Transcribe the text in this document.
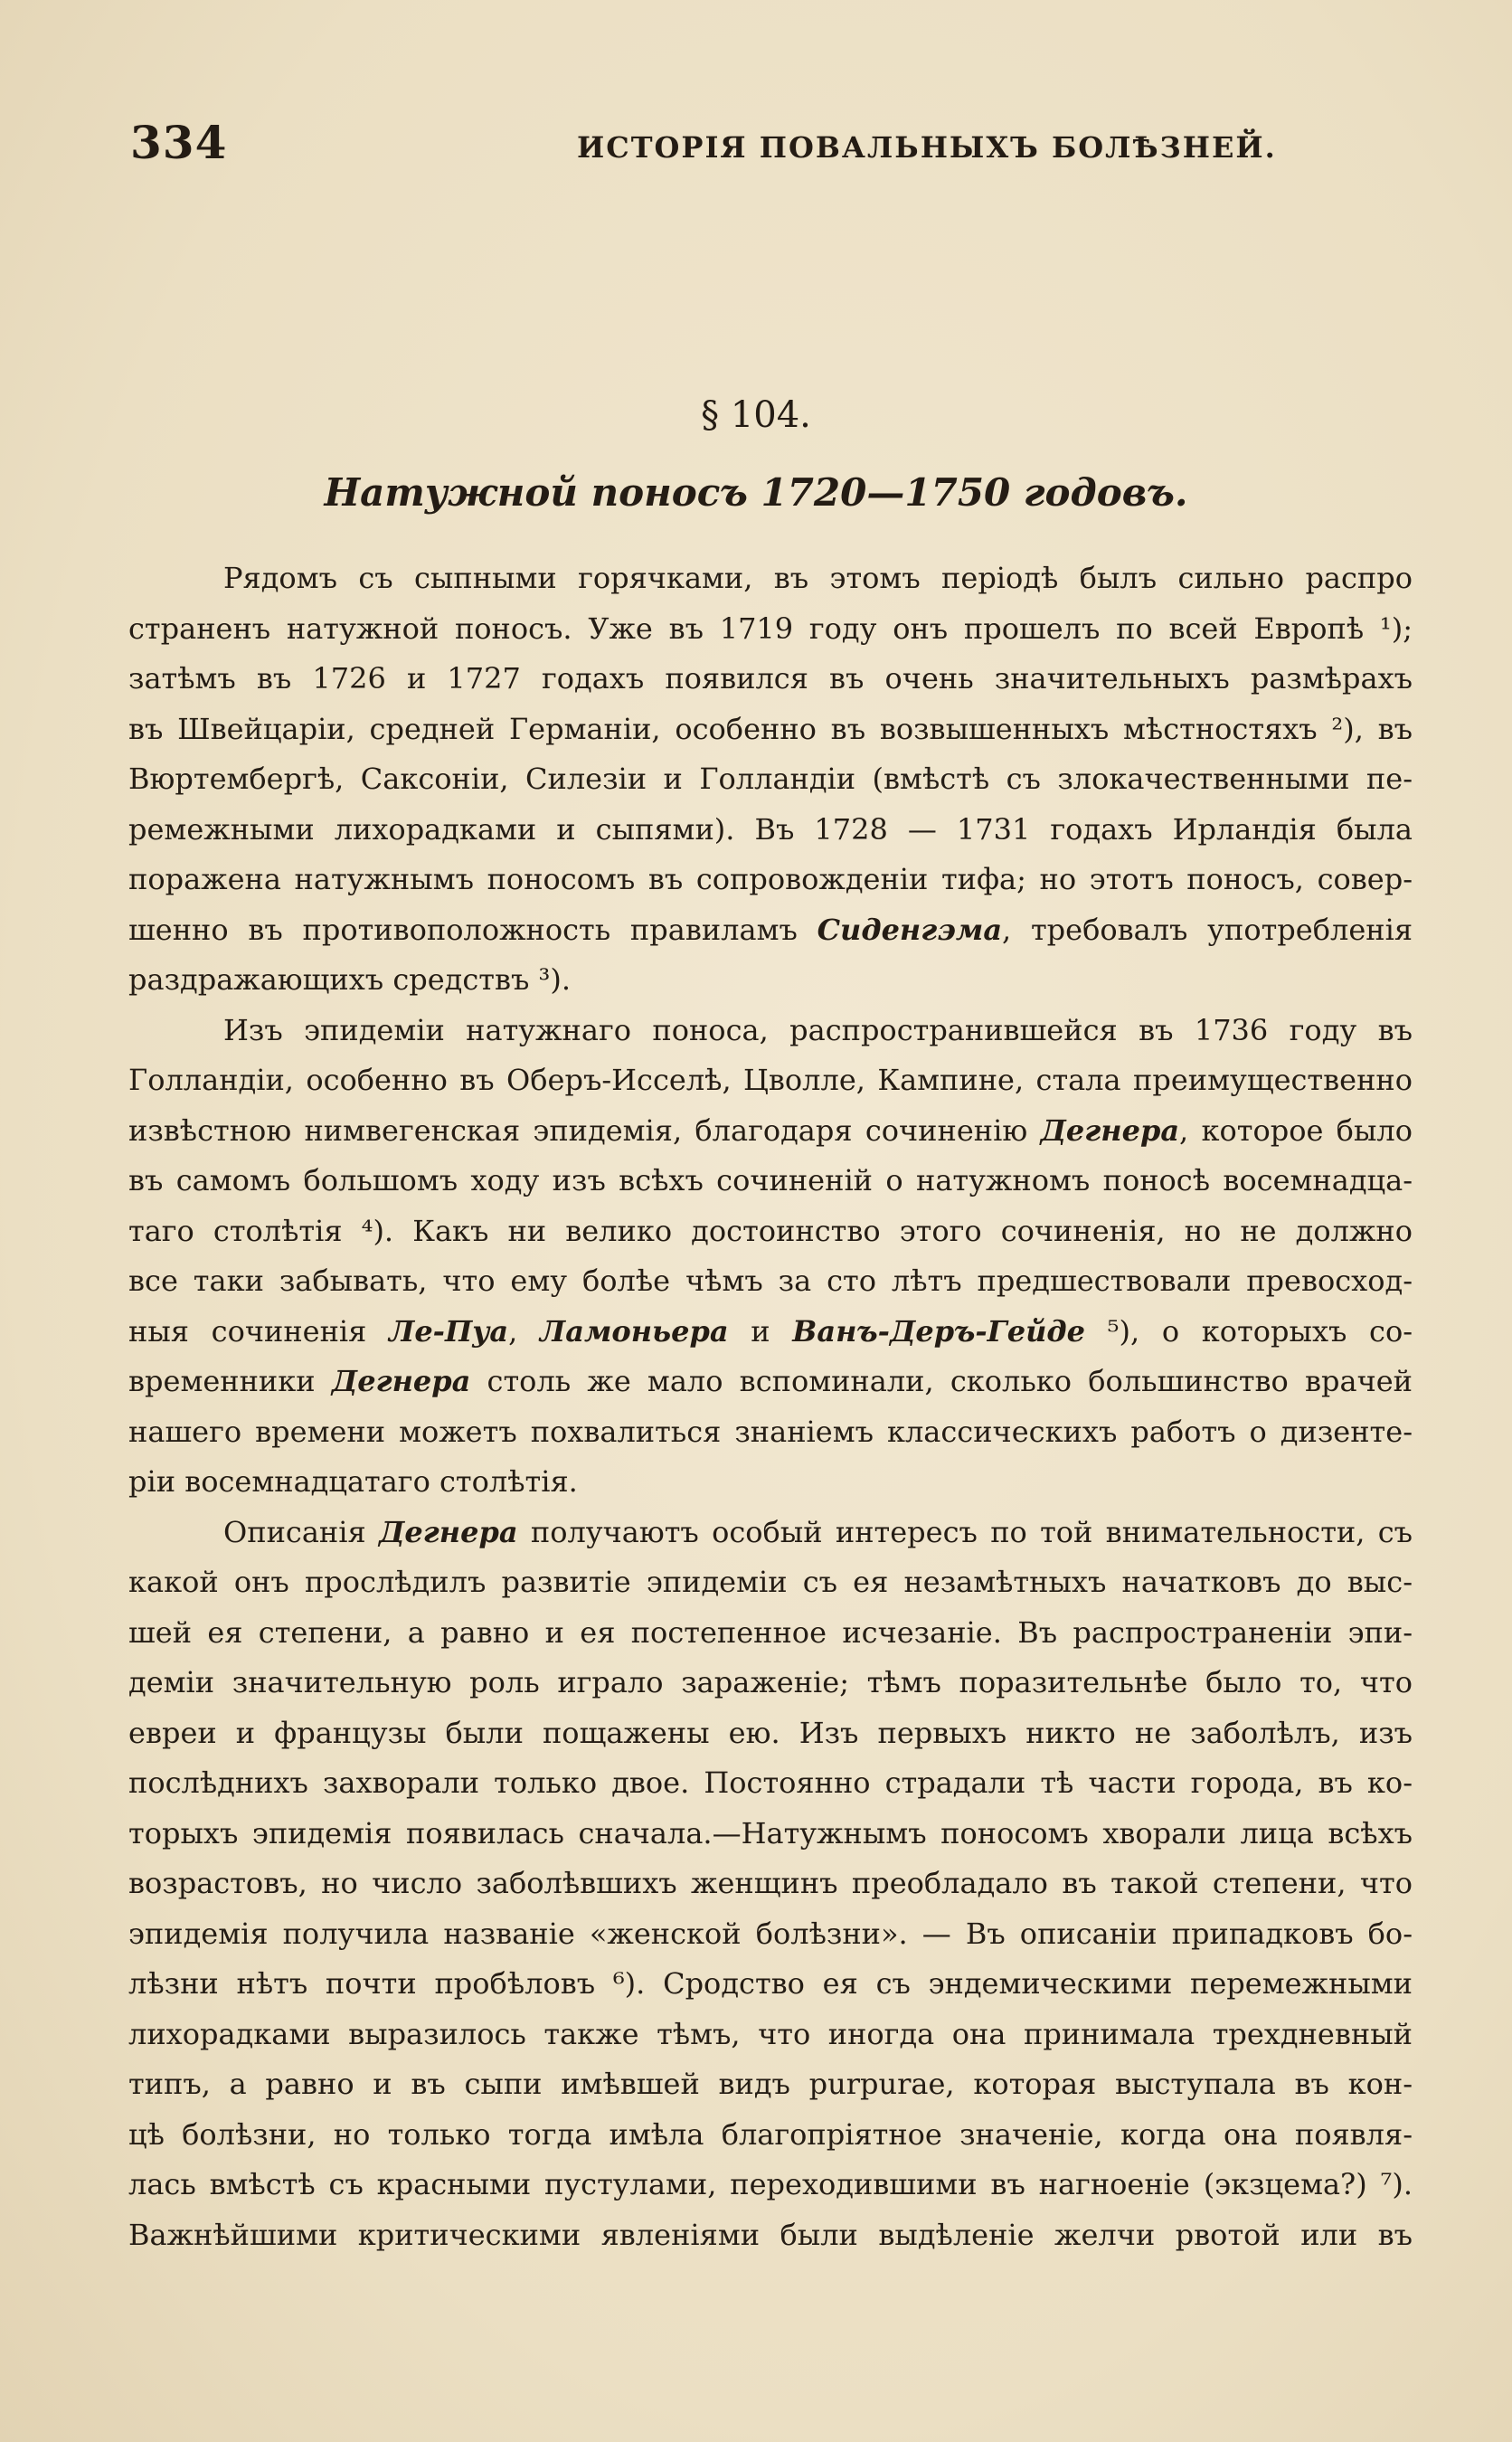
334	ИСТОРІЯ ПОВАЛЬНЫХЪ БОЛѢЗНЕЙ.
§ 104.
Натужной поносъ 1720—1750 годовъ.
Рядомъ съ сыпными горячками, въ этомъ періодѣ былъ сильно распро
страненъ натужной поносъ. Уже въ 1719 году онъ прошелъ по всей Европѣ ¹);
затѣмъ въ 1726 и 1727 годахъ появился въ очень значительныхъ размѣрахъ
въ Швейцаріи, средней Германіи, особенно въ возвышенныхъ мѣстностяхъ ²), въ
Вюртембергѣ, Саксоніи, Силезіи и Голландіи (вмѣстѣ съ злокачественными пе-
ремежными лихорадками и сыпями). Въ 1728 — 1731 годахъ Ирландія была
поражена натужнымъ поносомъ въ сопровожденіи тифа; но этотъ поносъ, совер-
шенно въ противоположность правиламъ Сиденгэма, требовалъ употребленія
раздражающихъ средствъ ³).
Изъ эпидеміи натужнаго поноса, распространившейся въ 1736 году въ
Голландіи, особенно въ Оберъ-Исселѣ, Цволле, Кампине, стала преимущественно
извѣстною нимвегенская эпидемія, благодаря сочиненію Дегнера, которое было
въ самомъ большомъ ходу изъ всѣхъ сочиненій о натужномъ поносѣ восемнадца-
таго столѣтія ⁴). Какъ ни велико достоинство этого сочиненія, но не должно
все таки забывать, что ему болѣе чѣмъ за сто лѣтъ предшествовали превосход-
ныя сочиненія Ле-Пуа, Ламоньера и Ванъ-Деръ-Гейде ⁵), о которыхъ со-
временники Дегнера столь же мало вспоминали, сколько большинство врачей
нашего времени можетъ похвалиться знаніемъ классическихъ работъ о дизенте-
ріи восемнадцатаго столѣтія.
Описанія Дегнера получаютъ особый интересъ по той внимательности, съ
какой онъ прослѣдилъ развитіе эпидеміи съ ея незамѣтныхъ начатковъ до выс-
шей ея степени, а равно и ея постепенное исчезаніе. Въ распространеніи эпи-
деміи значительную роль играло зараженіе; тѣмъ поразительнѣе было то, что
евреи и французы были пощажены ею. Изъ первыхъ никто не заболѣлъ, изъ
послѣднихъ захворали только двое. Постоянно страдали тѣ части города, въ ко-
торыхъ эпидемія появилась сначала.—Натужнымъ поносомъ хворали лица всѣхъ
возрастовъ, но число заболѣвшихъ женщинъ преобладало въ такой степени, что
эпидемія получила названіе «женской болѣзни». — Въ описаніи припадковъ бо-
лѣзни нѣтъ почти пробѣловъ ⁶). Сродство ея съ эндемическими перемежными
лихорадками выразилось также тѣмъ, что иногда она принимала трехдневный
типъ, а равно и въ сыпи имѣвшей видъ purpurae, которая выступала въ кон-
цѣ болѣзни, но только тогда имѣла благопріятное значеніе, когда она появля-
лась вмѣстѣ съ красными пустулами, переходившими въ нагноеніе (экзцема?) ⁷).
Важнѣйшими критическими явленіями были выдѣленіе желчи рвотой или въ
